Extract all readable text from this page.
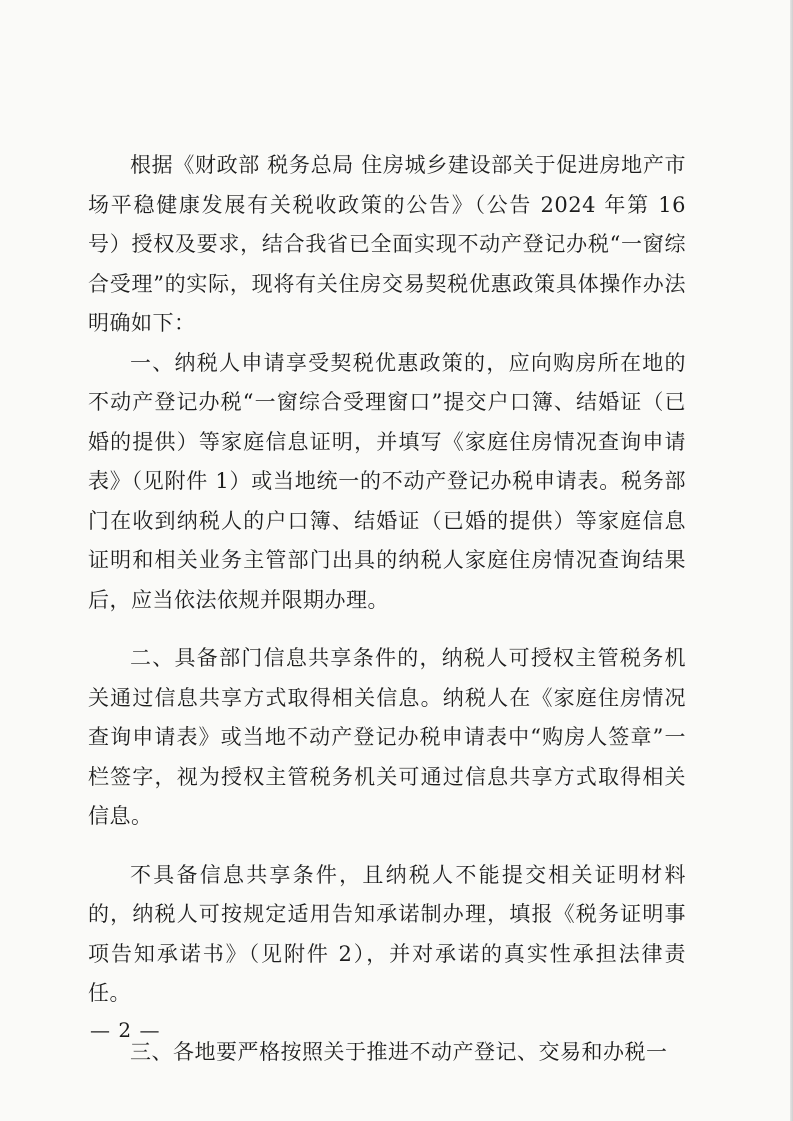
根据《财政部 税务总局 住房城乡建设部关于促进房地产市场平稳健康发展有关税收政策的公告》（公告 2024 年第 16 号）授权及要求，结合我省已全面实现不动产登记办税“一窗综合受理”的实际，现将有关住房交易契税优惠政策具体操作办法明确如下：

一、纳税人申请享受契税优惠政策的，应向购房所在地的不动产登记办税“一窗综合受理窗口”提交户口簿、结婚证（已婚的提供）等家庭信息证明，并填写《家庭住房情况查询申请表》（见附件 1）或当地统一的不动产登记办税申请表。税务部门在收到纳税人的户口簿、结婚证（已婚的提供）等家庭信息证明和相关业务主管部门出具的纳税人家庭住房情况查询结果后，应当依法依规并限期办理。

二、具备部门信息共享条件的，纳税人可授权主管税务机关通过信息共享方式取得相关信息。纳税人在《家庭住房情况查询申请表》或当地不动产登记办税申请表中“购房人签章”一栏签字，视为授权主管税务机关可通过信息共享方式取得相关信息。

不具备信息共享条件，且纳税人不能提交相关证明材料的，纳税人可按规定适用告知承诺制办理，填报《税务证明事项告知承诺书》（见附件 2），并对承诺的真实性承担法律责任。

三、各地要严格按照关于推进不动产登记、交易和办税一

— 2 —
